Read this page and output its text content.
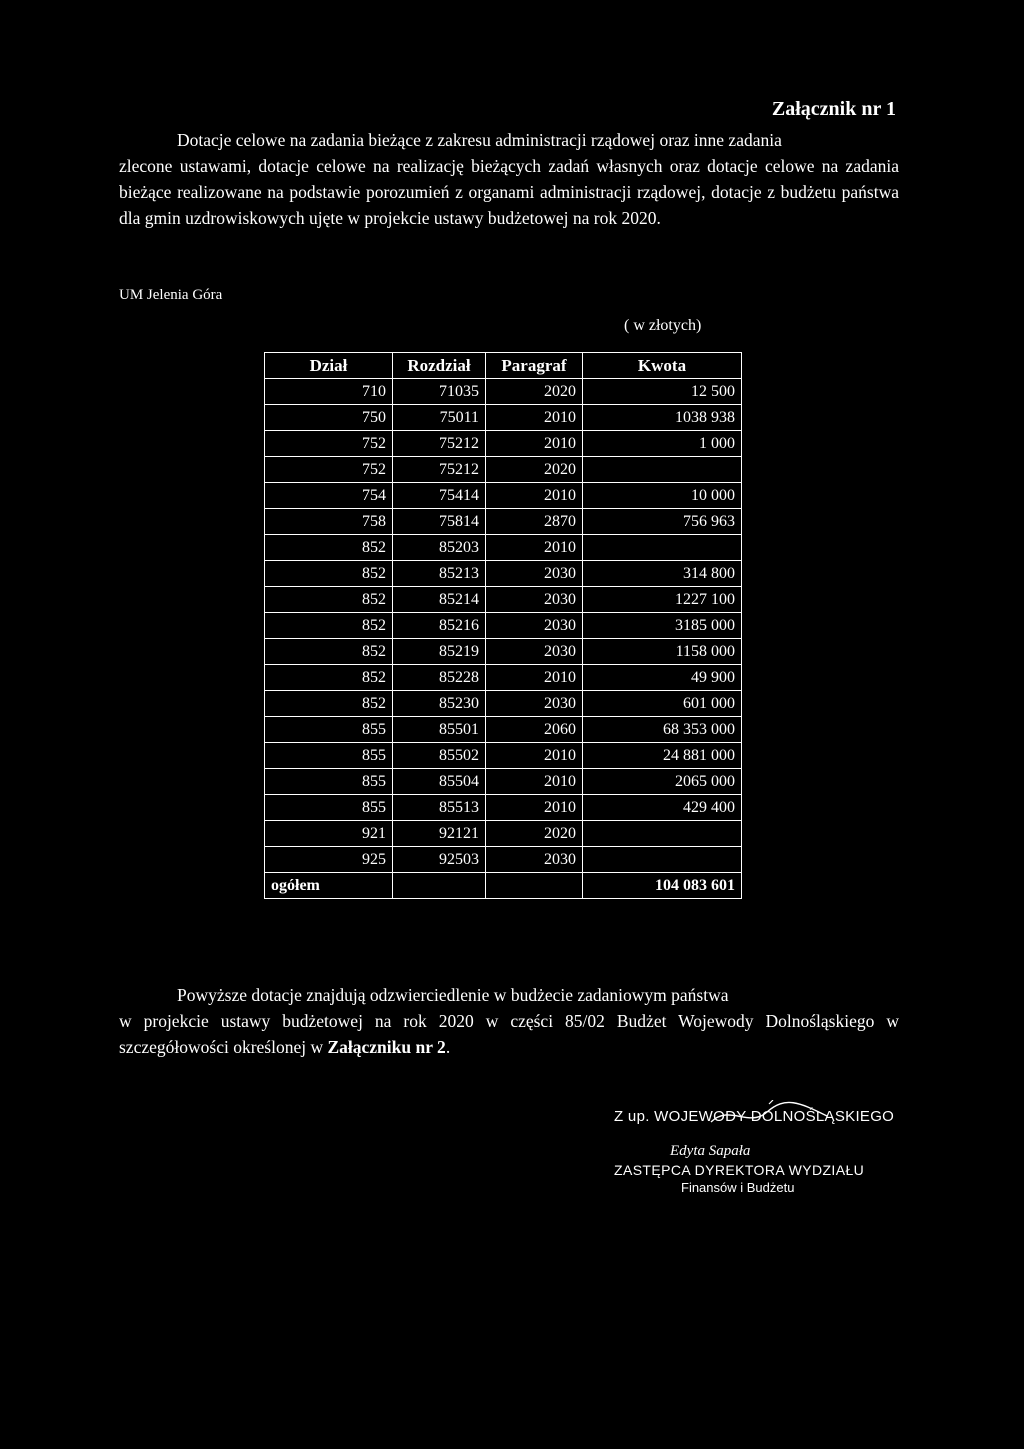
Załącznik nr 1
Dotacje celowe na zadania bieżące z zakresu administracji rządowej oraz inne zadania
zlecone ustawami, dotacje celowe na realizację bieżących zadań własnych oraz dotacje celowe na zadania bieżące realizowane na podstawie porozumień z organami administracji rządowej, dotacje z budżetu państwa dla gmin uzdrowiskowych ujęte w projekcie ustawy budżetowej na rok 2020.
UM Jelenia Góra
( w złotych)
Dział	Rozdział	Paragraf	Kwota
710	71035	2020	12 500
750	75011	2010	1038 938
752	75212	2010	1 000
752	75212	2020	
754	75414	2010	10 000
758	75814	2870	756 963
852	85203	2010	
852	85213	2030	314 800
852	85214	2030	1227 100
852	85216	2030	3185 000
852	85219	2030	1158 000
852	85228	2010	49 900
852	85230	2030	601 000
855	85501	2060	68 353 000
855	85502	2010	24 881 000
855	85504	2010	2065 000
855	85513	2010	429 400
921	92121	2020	
925	92503	2030	
ogółem			104 083 601
Powyższe dotacje znajdują odzwierciedlenie w budżecie zadaniowym państwa
w projekcie ustawy budżetowej na rok 2020 w części 85/02 Budżet Wojewody Dolnośląskiego w szczegółowości określonej w Załączniku nr 2.
Z up. WOJEWODY DOLNOŚLĄSKIEGO
Edyta Sapała
ZASTĘPCA DYREKTORA WYDZIAŁU
Finansów i Budżetu
